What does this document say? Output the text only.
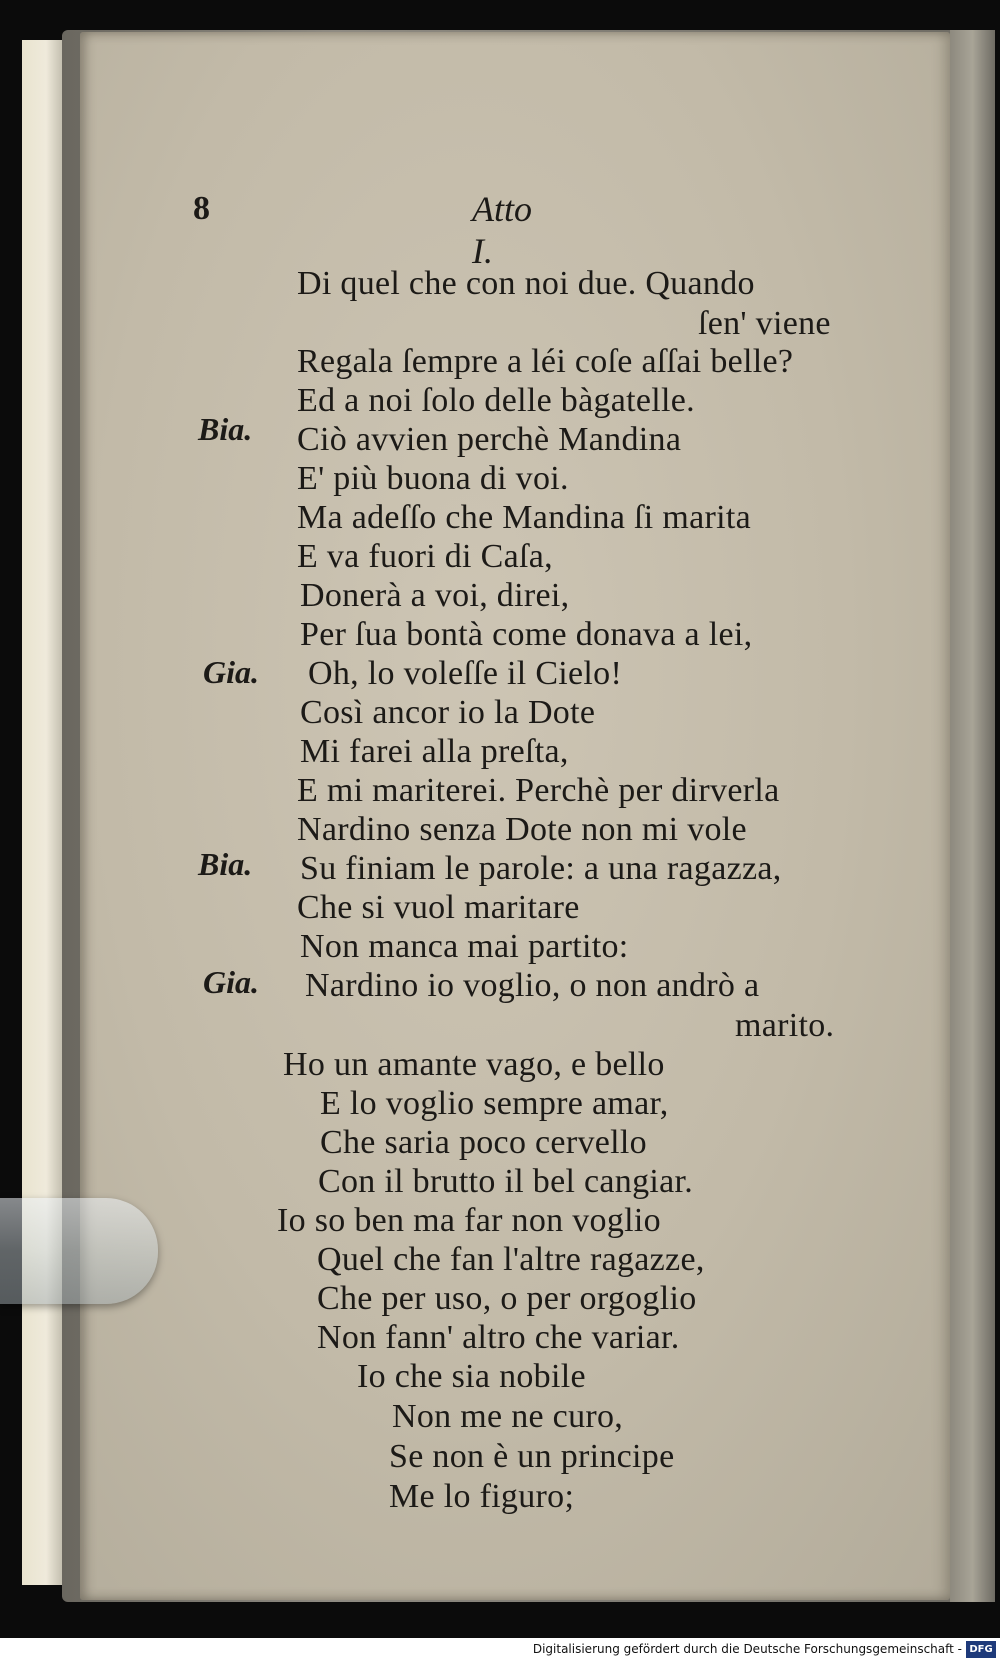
8	Atto I.
Bia.
Gia.
Bia.
Gia.
Di quel che con noi due. Quando
ſen' viene
Regala ſempre a léi coſe aſſai belle?
Ed a noi ſolo delle bàgatelle.
Ciò avvien perchè Mandina
E' più buona di voi.
Ma adeſſo che Mandina ſi marita
E va fuori di Caſa,
Donerà a voi, direi,
Per ſua bontà come donava a lei,
Oh, lo voleſſe il Cielo!
Così ancor io la Dote
Mi farei alla preſta,
E mi mariterei. Perchè per dirverla
Nardino senza Dote non mi vole
Su finiam le parole: a una ragazza,
Che si vuol maritare
Non manca mai partito:
Nardino io voglio, o non andrò a
marito.
Ho un amante vago, e bello
E lo voglio sempre amar,
Che saria poco cervello
Con il brutto il bel cangiar.
Io so ben ma far non voglio
Quel che fan l'altre ragazze,
Che per uso, o per orgoglio
Non fann' altro che variar.
Io che sia nobile
Non me ne curo,
Se non è un principe
Me lo figuro;
Digitalisierung gefördert durch die Deutsche Forschungsgemeinschaft - DFG
